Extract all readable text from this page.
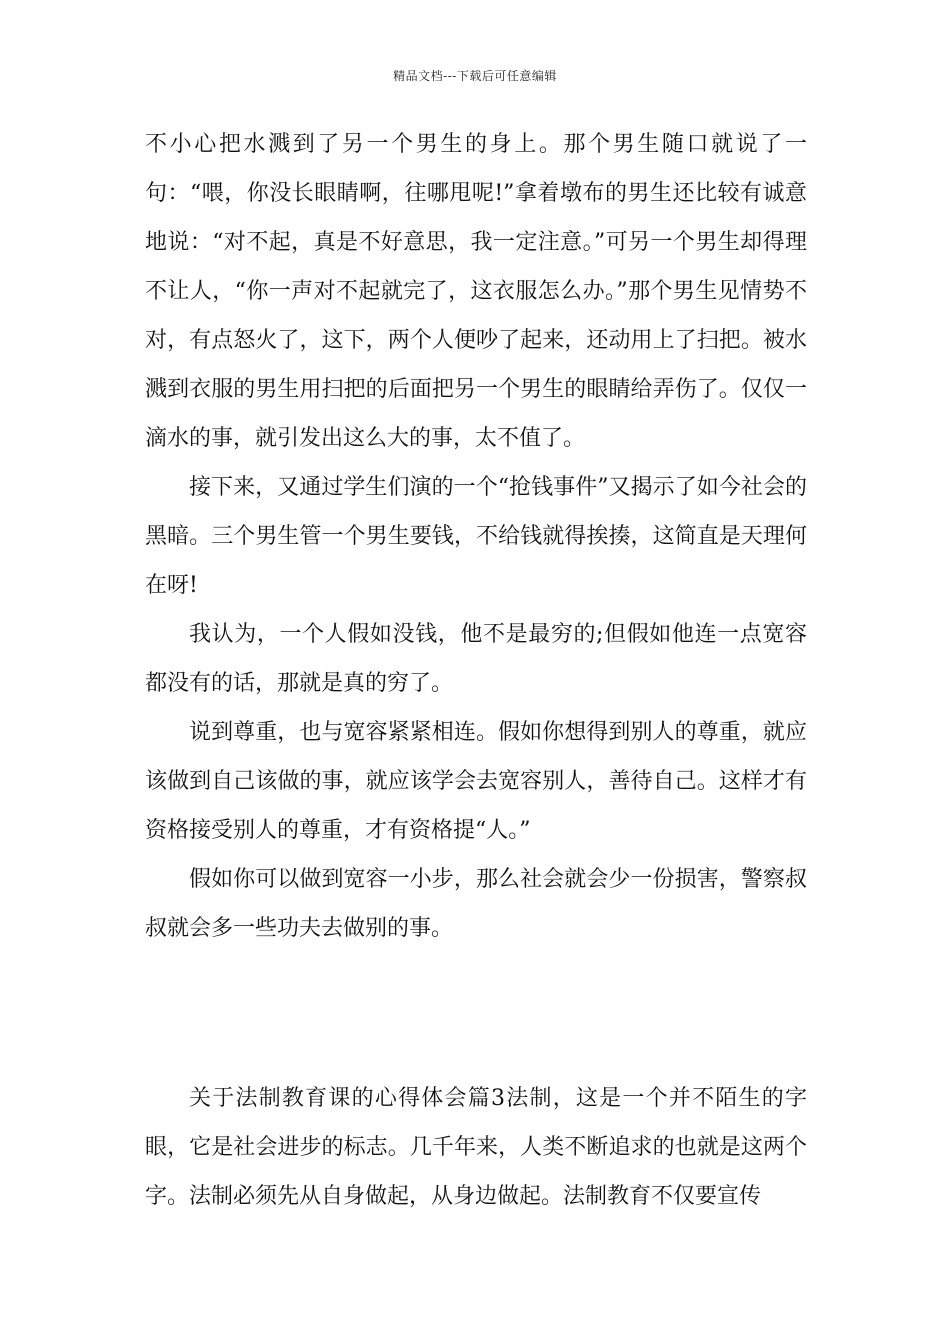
精品文档---下载后可任意编辑

不小心把水溅到了另一个男生的身上。那个男生随口就说了一句：“喂，你没长眼睛啊，往哪甩呢!”拿着墩布的男生还比较有诚意地说：“对不起，真是不好意思，我一定注意。”可另一个男生却得理不让人，“你一声对不起就完了，这衣服怎么办。”那个男生见情势不对，有点怒火了，这下，两个人便吵了起来，还动用上了扫把。被水溅到衣服的男生用扫把的后面把另一个男生的眼睛给弄伤了。仅仅一滴水的事，就引发出这么大的事，太不值了。

接下来，又通过学生们演的一个“抢钱事件”又揭示了如今社会的黑暗。三个男生管一个男生要钱，不给钱就得挨揍，这简直是天理何在呀!

我认为，一个人假如没钱，他不是最穷的;但假如他连一点宽容都没有的话，那就是真的穷了。

说到尊重，也与宽容紧紧相连。假如你想得到别人的尊重，就应该做到自己该做的事，就应该学会去宽容别人，善待自己。这样才有资格接受别人的尊重，才有资格提“人。”

假如你可以做到宽容一小步，那么社会就会少一份损害，警察叔叔就会多一些功夫去做别的事。

关于法制教育课的心得体会篇3法制，这是一个并不陌生的字眼，它是社会进步的标志。几千年来，人类不断追求的也就是这两个字。法制必须先从自身做起，从身边做起。法制教育不仅要宣传
